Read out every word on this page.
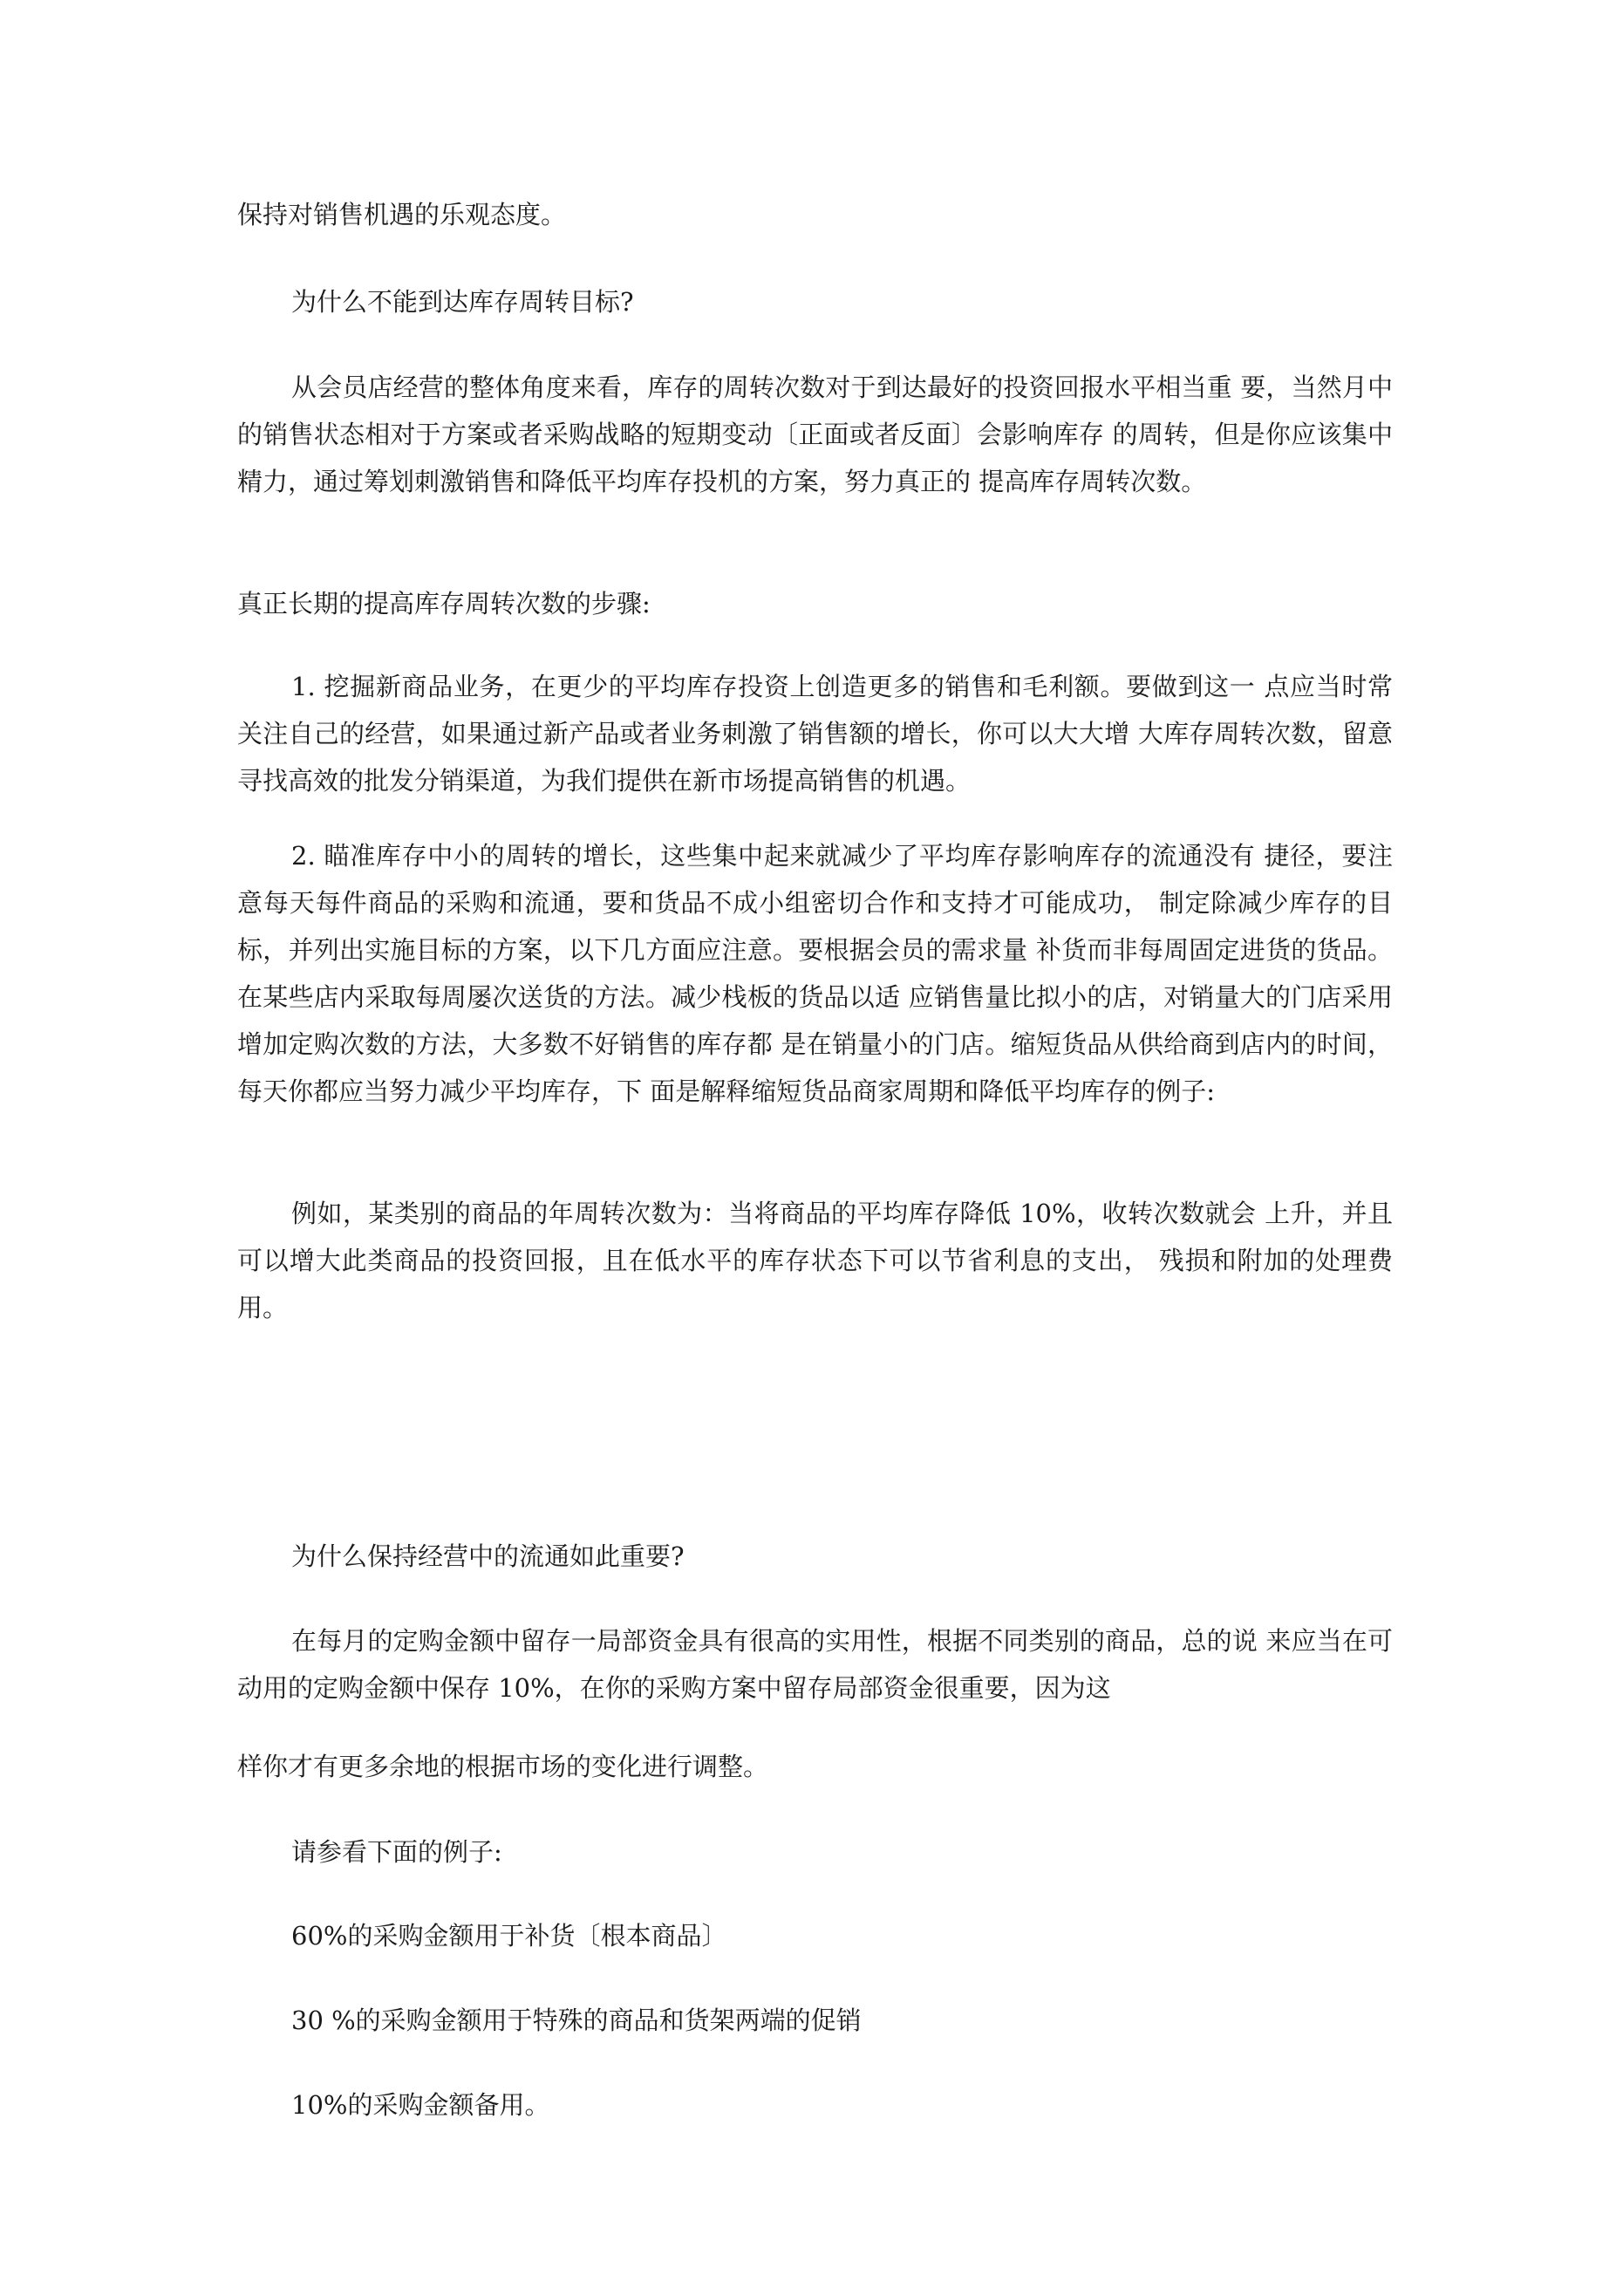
保持对销售机遇的乐观态度。

为什么不能到达库存周转目标?

从会员店经营的整体角度来看，库存的周转次数对于到达最好的投资回报水平相当重 要，当然月中的销售状态相对于方案或者采购战略的短期变动〔正面或者反面〕会影响库存 的周转，但是你应该集中精力，通过筹划刺激销售和降低平均库存投机的方案，努力真正的 提高库存周转次数。

真正长期的提高库存周转次数的步骤:

1. 挖掘新商品业务，在更少的平均库存投资上创造更多的销售和毛利额。要做到这一 点应当时常关注自己的经营，如果通过新产品或者业务刺激了销售额的增长，你可以大大增 大库存周转次数，留意寻找高效的批发分销渠道，为我们提供在新市场提高销售的机遇。

2. 瞄准库存中小的周转的增长，这些集中起来就减少了平均库存影响库存的流通没有 捷径，要注意每天每件商品的采购和流通，要和货品不成小组密切合作和支持才可能成功， 制定除减少库存的目标，并列出实施目标的方案，以下几方面应注意。要根据会员的需求量 补货而非每周固定进货的货品。在某些店内采取每周屡次送货的方法。减少栈板的货品以适 应销售量比拟小的店，对销量大的门店采用增加定购次数的方法，大多数不好销售的库存都 是在销量小的门店。缩短货品从供给商到店内的时间，每天你都应当努力减少平均库存，下 面是解释缩短货品商家周期和降低平均库存的例子:

例如，某类别的商品的年周转次数为：当将商品的平均库存降低 10%，收转次数就会 上升，并且可以增大此类商品的投资回报，且在低水平的库存状态下可以节省利息的支出， 残损和附加的处理费用。

为什么保持经营中的流通如此重要?

在每月的定购金额中留存一局部资金具有很高的实用性，根据不同类别的商品，总的说 来应当在可动用的定购金额中保存 10%，在你的采购方案中留存局部资金很重要，因为这

样你才有更多余地的根据市场的变化进行调整。

请参看下面的例子:

60%的采购金额用于补货〔根本商品〕

30 %的采购金额用于特殊的商品和货架两端的促销

10%的采购金额备用。
